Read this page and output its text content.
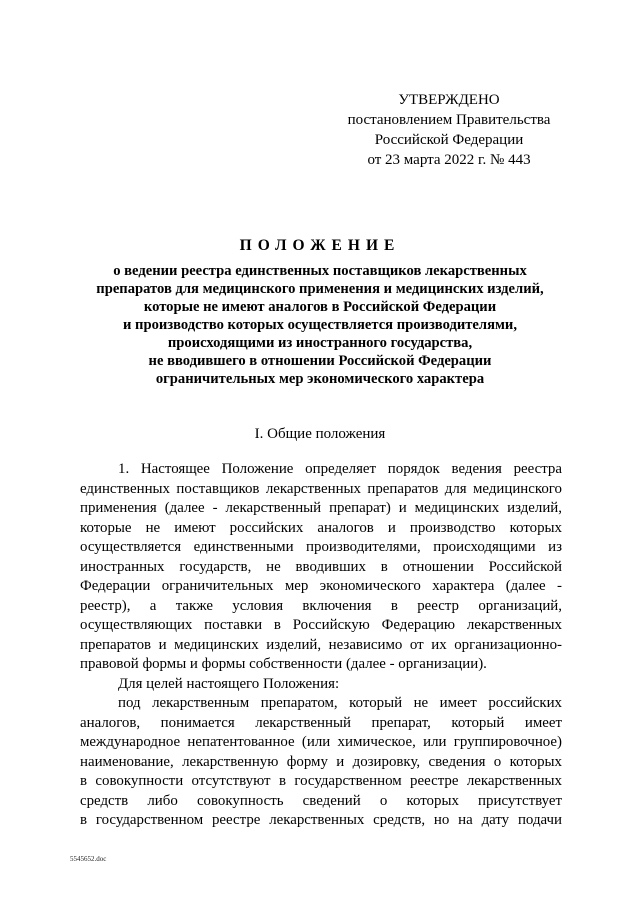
УТВЕРЖДЕНО
постановлением Правительства
Российской Федерации
от 23 марта 2022 г. № 443
ПОЛОЖЕНИЕ
о ведении реестра единственных поставщиков лекарственных
препаратов для медицинского применения и медицинских изделий,
которые не имеют аналогов в Российской Федерации
и производство которых осуществляется производителями,
происходящими из иностранного государства,
не вводившего в отношении Российской Федерации
ограничительных мер экономического характера
I. Общие положения
1. Настоящее Положение определяет порядок ведения реестра
единственных поставщиков лекарственных препаратов для медицинского
применения (далее - лекарственный препарат) и медицинских изделий,
которые не имеют российских аналогов и производство которых
осуществляется единственными производителями, происходящими из
иностранных государств, не вводивших в отношении Российской
Федерации ограничительных мер экономического характера (далее -
реестр), а также условия включения в реестр организаций,
осуществляющих поставки в Российскую Федерацию лекарственных
препаратов и медицинских изделий, независимо от их организационно-
правовой формы и формы собственности (далее - организации).
Для целей настоящего Положения:
под лекарственным препаратом, который не имеет российских
аналогов, понимается лекарственный препарат, который имеет
международное непатентованное (или химическое, или группировочное)
наименование, лекарственную форму и дозировку, сведения о которых
в совокупности отсутствуют в государственном реестре лекарственных
средств либо совокупность сведений о которых присутствует
в государственном реестре лекарственных средств, но на дату подачи
5545652.doc
